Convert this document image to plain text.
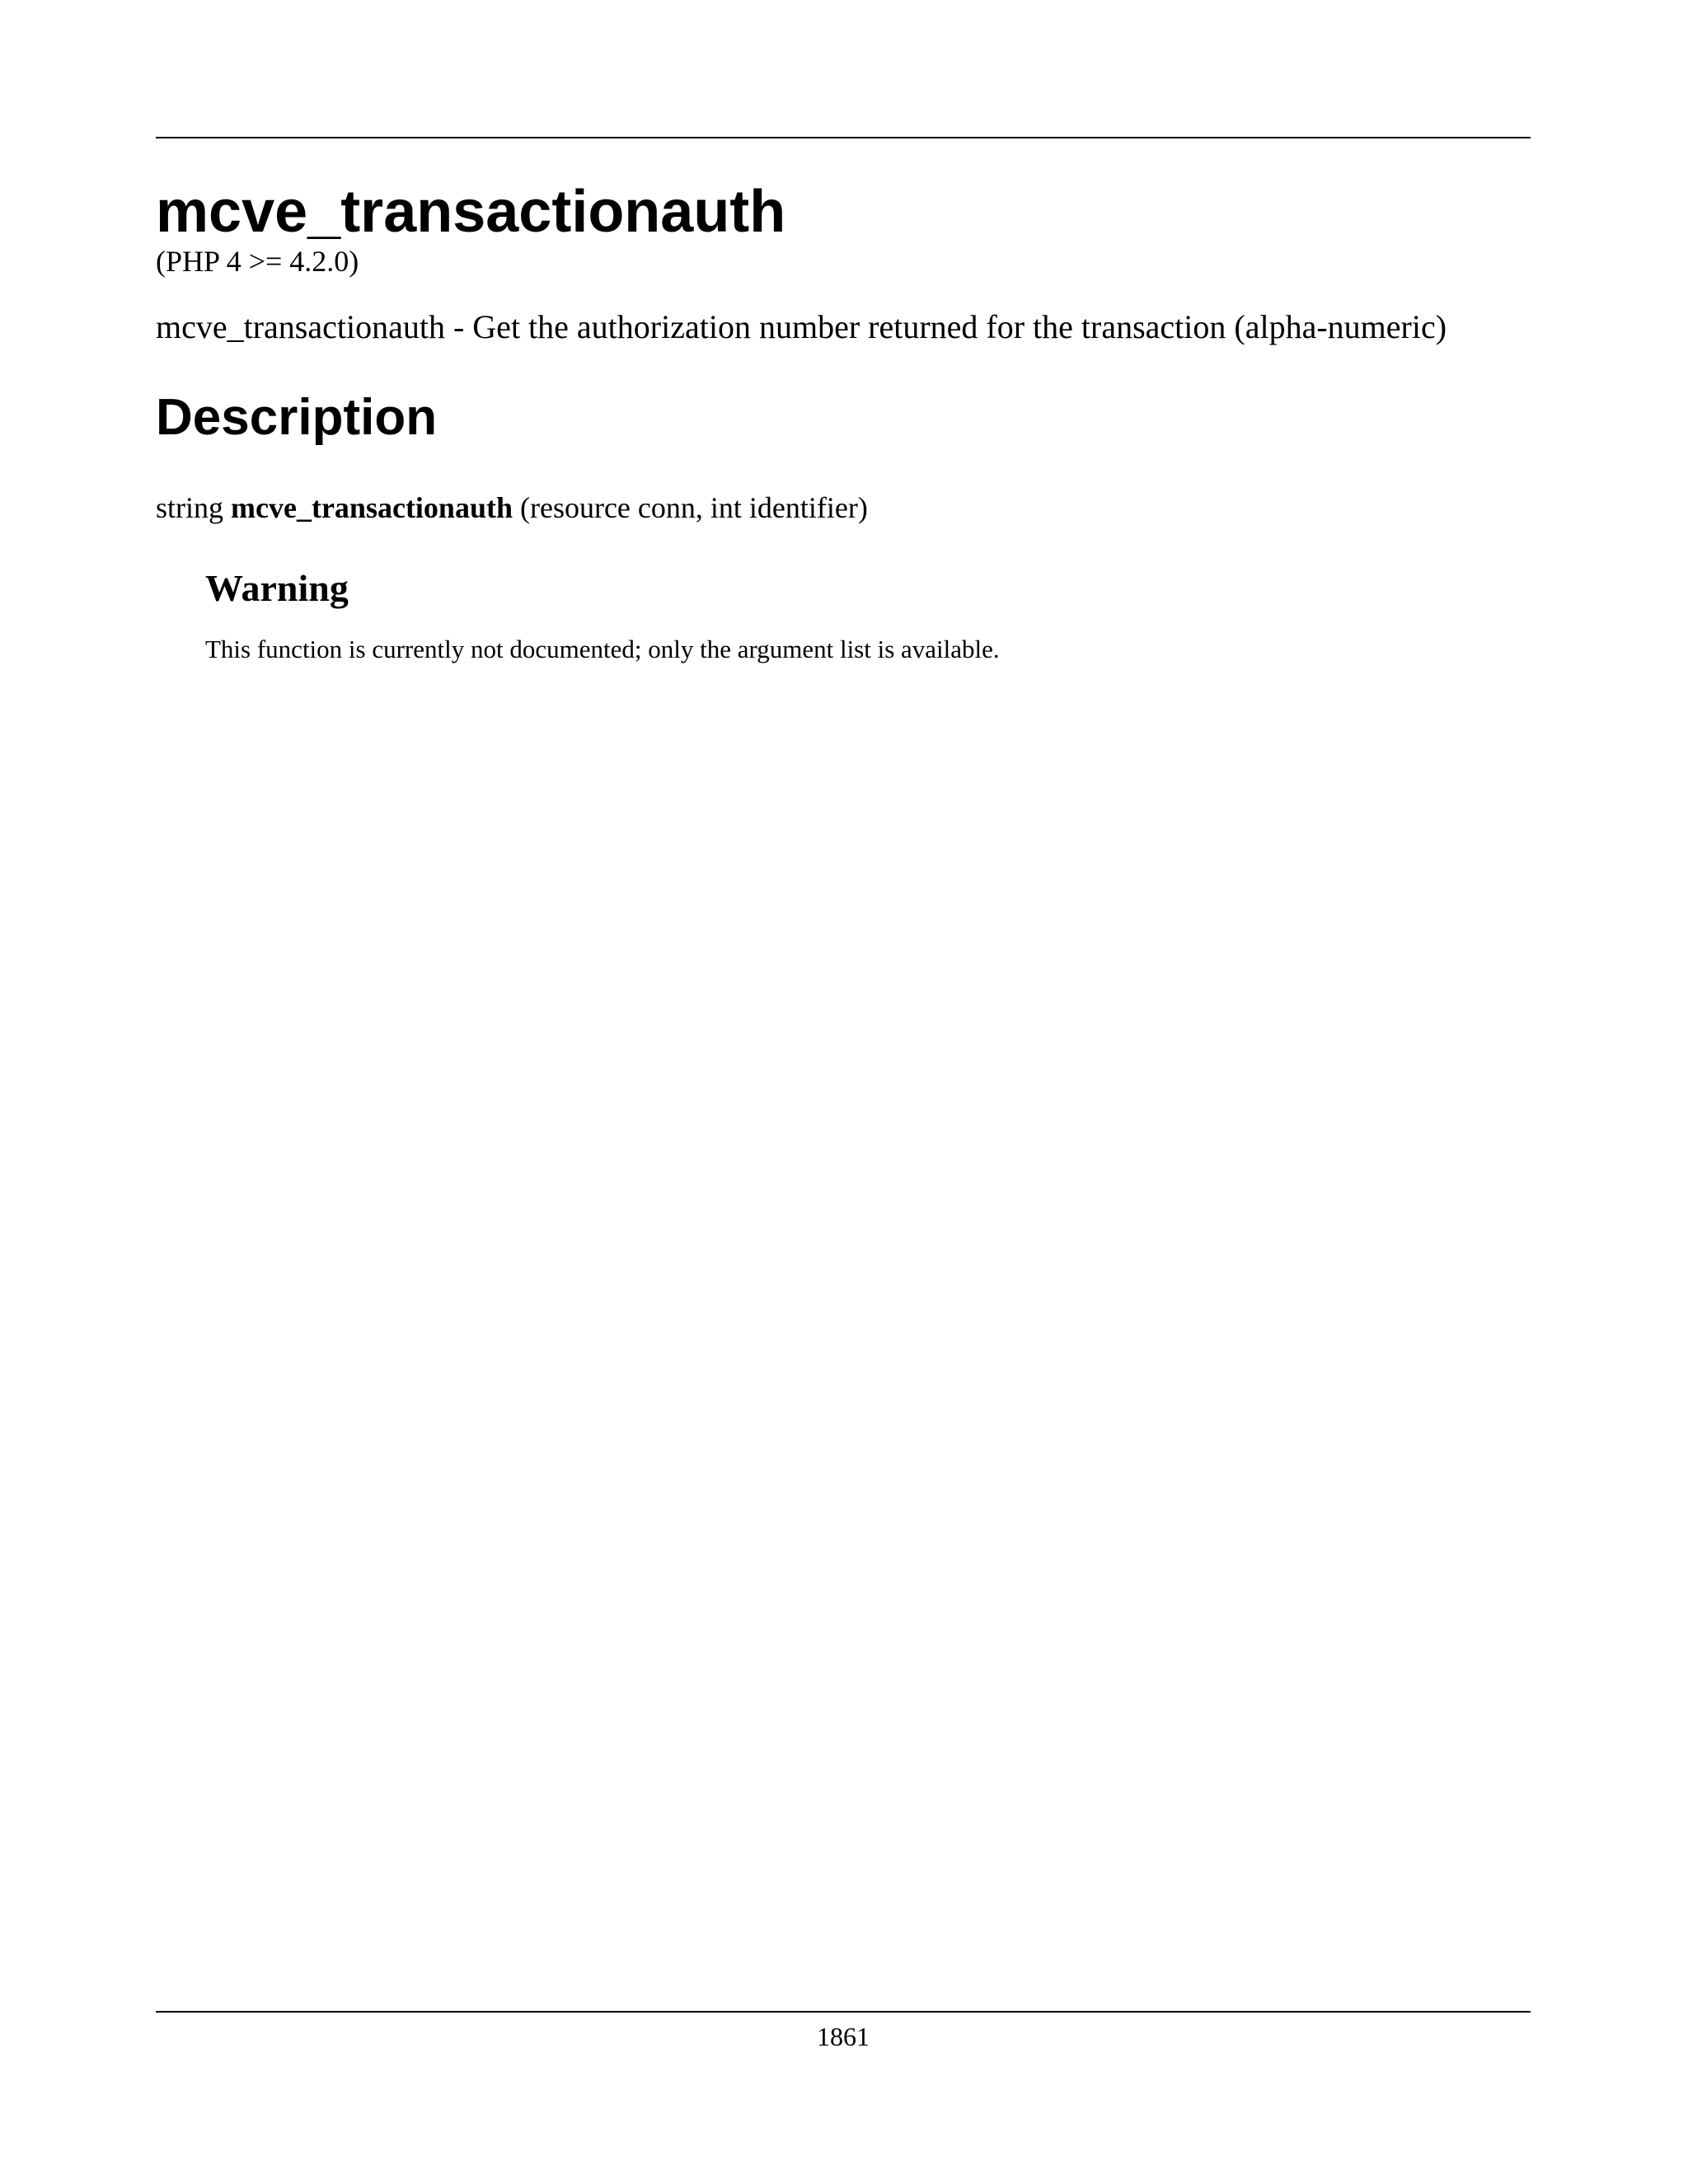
mcve_transactionauth

(PHP 4 >= 4.2.0)

mcve_transactionauth - Get the authorization number returned for the transaction (alpha-numeric)

Description

string mcve_transactionauth (resource conn, int identifier)

Warning

This function is currently not documented; only the argument list is available.

1861
